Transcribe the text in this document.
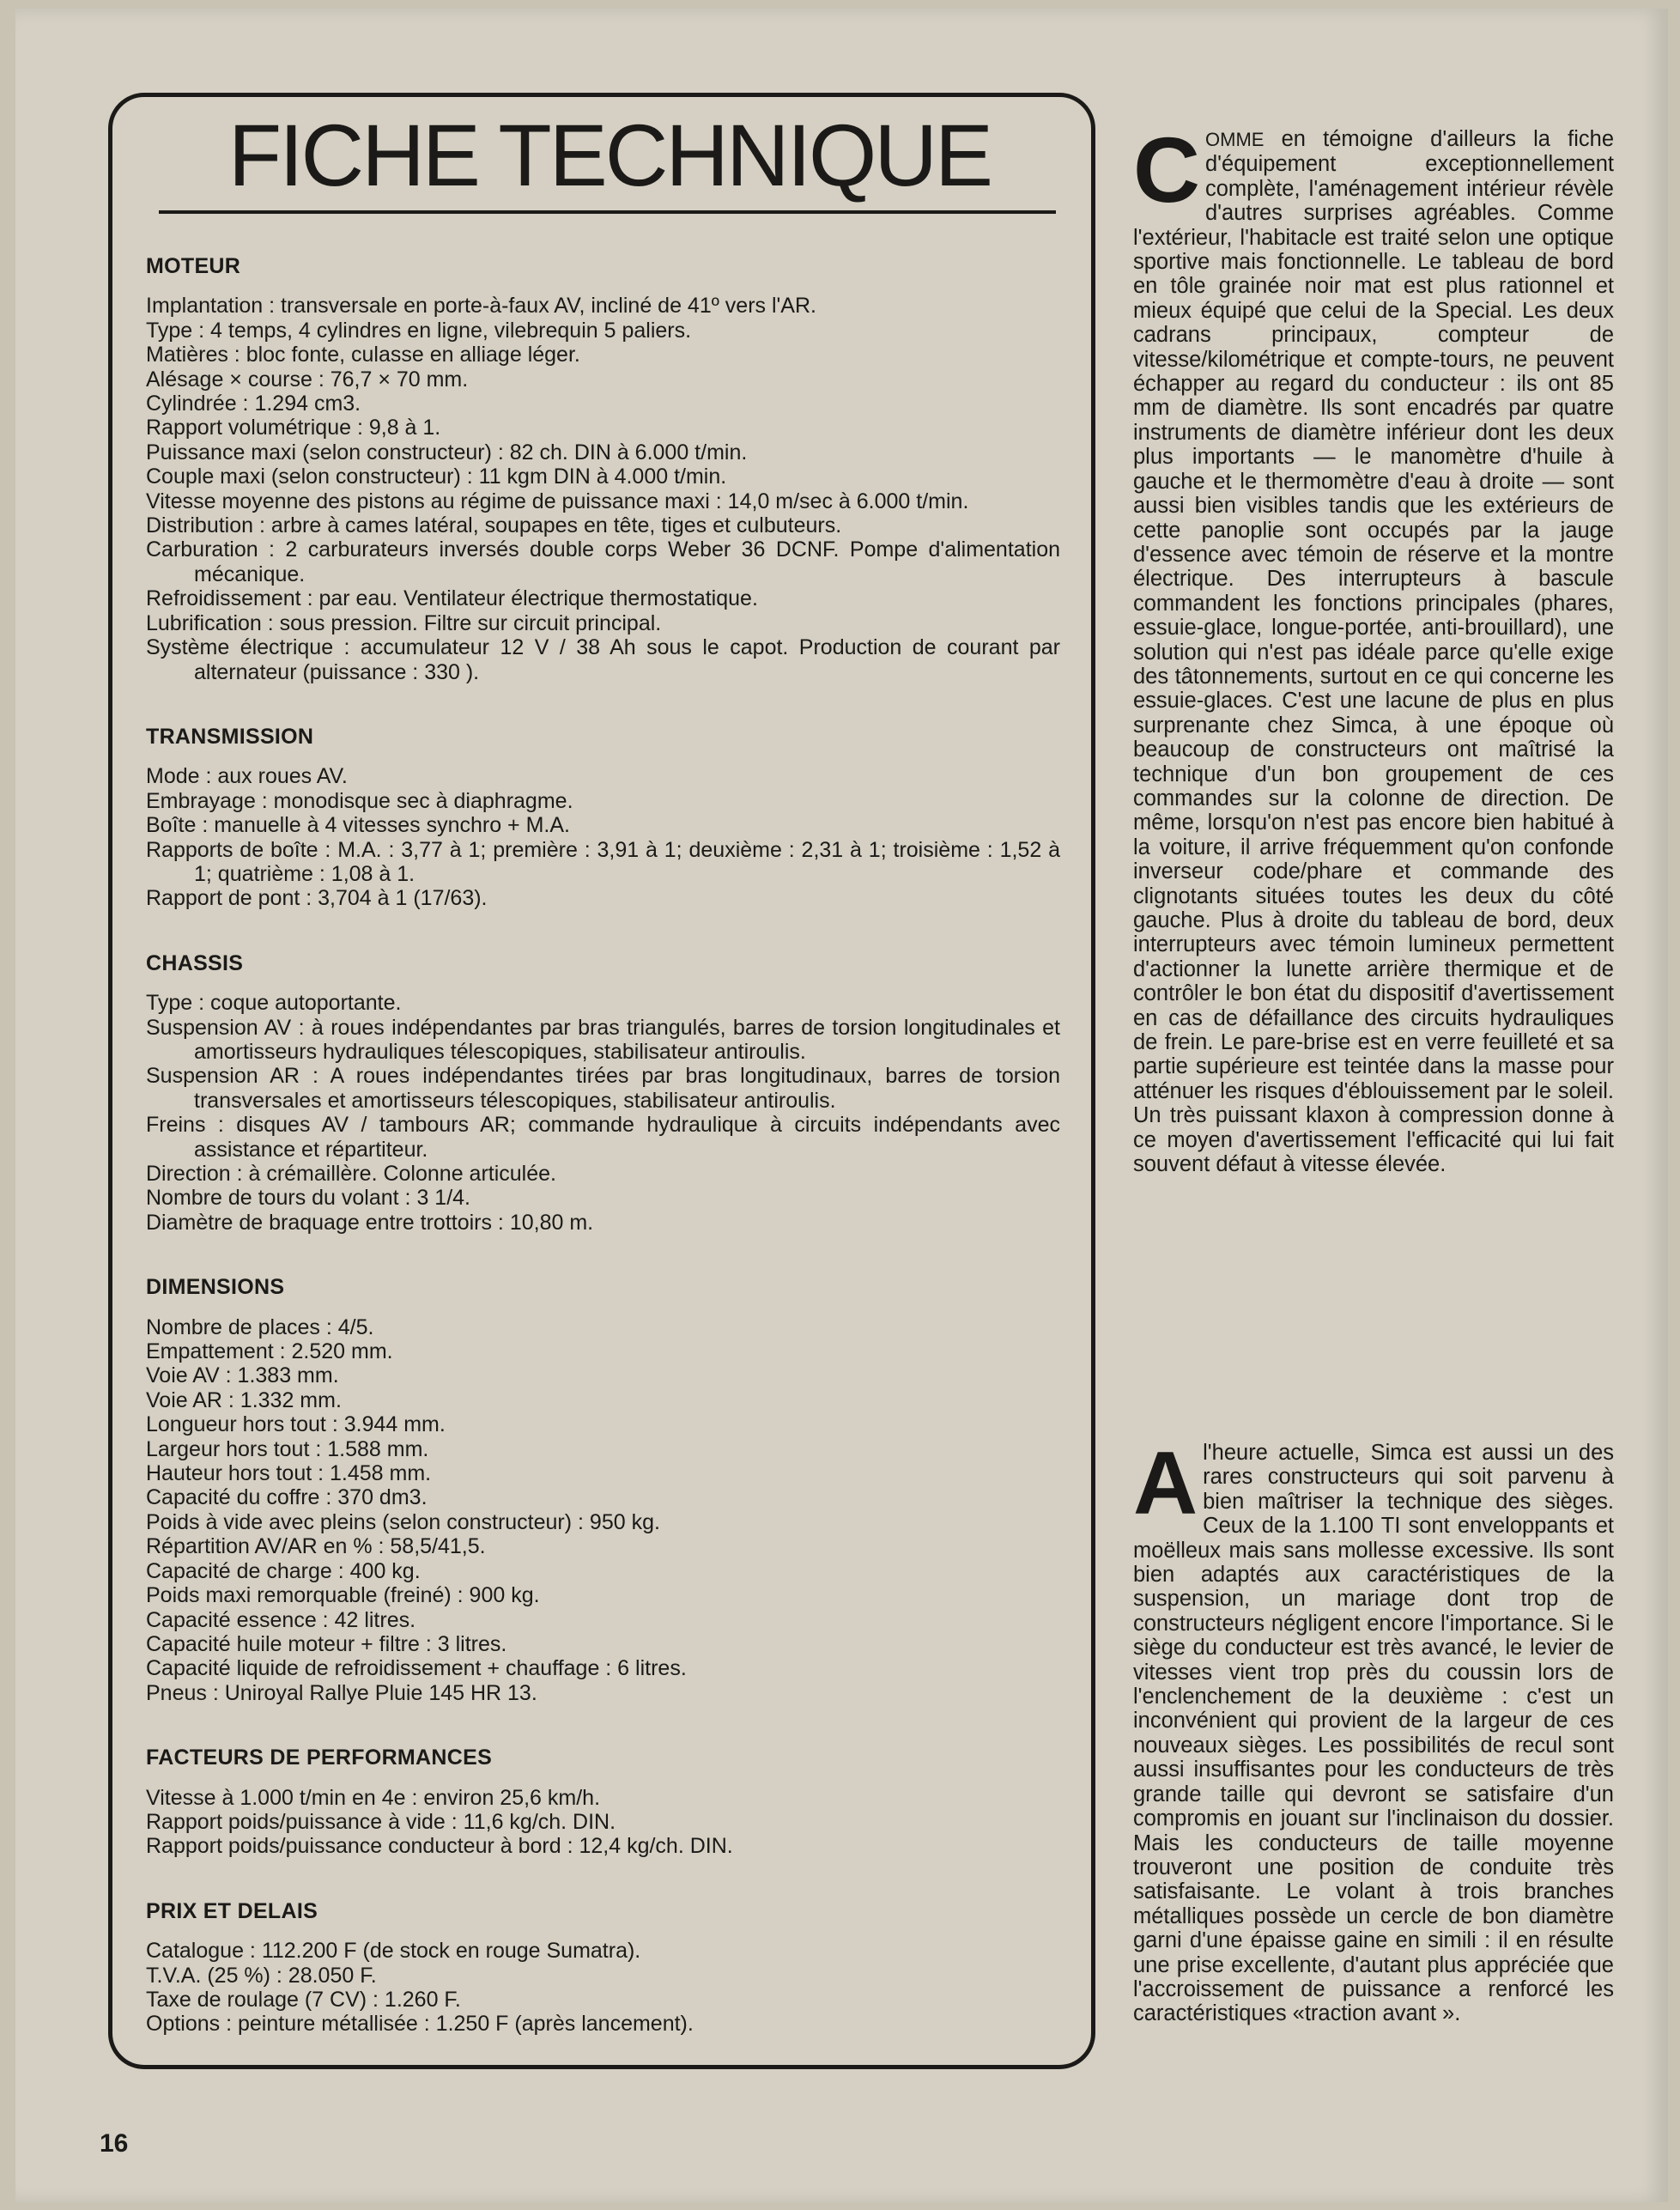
FICHE TECHNIQUE
MOTEUR

Implantation : transversale en porte-à-faux AV, incliné de 41º vers l'AR.

Type : 4 temps, 4 cylindres en ligne, vilebrequin 5 paliers.

Matières : bloc fonte, culasse en alliage léger.

Alésage × course : 76,7 × 70 mm.

Cylindrée : 1.294 cm3.

Rapport volumétrique : 9,8 à 1.

Puissance maxi (selon constructeur) : 82 ch. DIN à 6.000 t/min.

Couple maxi (selon constructeur) : 11 kgm DIN à 4.000 t/min.

Vitesse moyenne des pistons au régime de puissance maxi : 14,0 m/sec à 6.000 t/min.

Distribution : arbre à cames latéral, soupapes en tête, tiges et culbuteurs.

Carburation : 2 carburateurs inversés double corps Weber 36 DCNF. Pompe d'alimentation mécanique.

Refroidissement : par eau. Ventilateur électrique thermostatique.

Lubrification : sous pression. Filtre sur circuit principal.

Système électrique : accumulateur 12 V / 38 Ah sous le capot. Production de courant par alternateur (puissance : 330 ).

TRANSMISSION

Mode : aux roues AV.

Embrayage : monodisque sec à diaphragme.

Boîte : manuelle à 4 vitesses synchro + M.A.

Rapports de boîte : M.A. : 3,77 à 1; première : 3,91 à 1; deuxième : 2,31 à 1; troisième : 1,52 à 1; quatrième : 1,08 à 1.

Rapport de pont : 3,704 à 1 (17/63).

CHASSIS

Type : coque autoportante.

Suspension AV : à roues indépendantes par bras triangulés, barres de torsion longitudinales et amortisseurs hydrauliques télescopiques, stabilisateur antiroulis.

Suspension AR : A roues indépendantes tirées par bras longitudinaux, barres de torsion transversales et amortisseurs télescopiques, stabilisateur antiroulis.

Freins : disques AV / tambours AR; commande hydraulique à circuits indépendants avec assistance et répartiteur.

Direction : à crémaillère. Colonne articulée.

Nombre de tours du volant : 3 1/4.

Diamètre de braquage entre trottoirs : 10,80 m.

DIMENSIONS

Nombre de places : 4/5.

Empattement : 2.520 mm.

Voie AV : 1.383 mm.

Voie AR : 1.332 mm.

Longueur hors tout : 3.944 mm.

Largeur hors tout : 1.588 mm.

Hauteur hors tout : 1.458 mm.

Capacité du coffre : 370 dm3.

Poids à vide avec pleins (selon constructeur) : 950 kg.

Répartition AV/AR en % : 58,5/41,5.

Capacité de charge : 400 kg.

Poids maxi remorquable (freiné) : 900 kg.

Capacité essence : 42 litres.

Capacité huile moteur + filtre : 3 litres.

Capacité liquide de refroidissement + chauffage : 6 litres.

Pneus : Uniroyal Rallye Pluie 145 HR 13.

FACTEURS DE PERFORMANCES

Vitesse à 1.000 t/min en 4e : environ 25,6 km/h.

Rapport poids/puissance à vide : 11,6 kg/ch. DIN.

Rapport poids/puissance conducteur à bord : 12,4 kg/ch. DIN.

PRIX ET DELAIS

Catalogue : 112.200 F (de stock en rouge Sumatra).

T.V.A. (25 %) : 28.050 F.

Taxe de roulage (7 CV) : 1.260 F.

Options : peinture métallisée : 1.250 F (après lancement).

COMME en témoigne d'ailleurs la fiche d'équipement exceptionnellement complète, l'aménagement intérieur révèle d'autres surprises agréables. Comme l'extérieur, l'habitacle est traité selon une optique sportive mais fonctionnelle. Le tableau de bord en tôle grainée noir mat est plus rationnel et mieux équipé que celui de la Special. Les deux cadrans principaux, compteur de vitesse/kilométrique et compte-tours, ne peuvent échapper au regard du conducteur : ils ont 85 mm de diamètre. Ils sont encadrés par quatre instruments de diamètre inférieur dont les deux plus importants — le manomètre d'huile à gauche et le thermomètre d'eau à droite — sont aussi bien visibles tandis que les extérieurs de cette panoplie sont occupés par la jauge d'essence avec témoin de réserve et la montre électrique. Des interrupteurs à bascule commandent les fonctions principales (phares, essuie-glace, longue-portée, anti-brouillard), une solution qui n'est pas idéale parce qu'elle exige des tâtonnements, surtout en ce qui concerne les essuie-glaces. C'est une lacune de plus en plus surprenante chez Simca, à une époque où beaucoup de constructeurs ont maîtrisé la technique d'un bon groupement de ces commandes sur la colonne de direction. De même, lorsqu'on n'est pas encore bien habitué à la voiture, il arrive fréquemment qu'on confonde inverseur code/phare et commande des clignotants situées toutes les deux du côté gauche. Plus à droite du tableau de bord, deux interrupteurs avec témoin lumineux permettent d'actionner la lunette arrière thermique et de contrôler le bon état du dispositif d'avertissement en cas de défaillance des circuits hydrauliques de frein. Le pare-brise est en verre feuilleté et sa partie supérieure est teintée dans la masse pour atténuer les risques d'éblouissement par le soleil. Un très puissant klaxon à compression donne à ce moyen d'avertissement l'efficacité qui lui fait souvent défaut à vitesse élevée.

A l'heure actuelle, Simca est aussi un des rares constructeurs qui soit parvenu à bien maîtriser la technique des sièges. Ceux de la 1.100 TI sont enveloppants et moëlleux mais sans mollesse excessive. Ils sont bien adaptés aux caractéristiques de la suspension, un mariage dont trop de constructeurs négligent encore l'importance. Si le siège du conducteur est très avancé, le levier de vitesses vient trop près du coussin lors de l'enclenchement de la deuxième : c'est un inconvénient qui provient de la largeur de ces nouveaux sièges. Les possibilités de recul sont aussi insuffisantes pour les conducteurs de très grande taille qui devront se satisfaire d'un compromis en jouant sur l'inclinaison du dossier. Mais les conducteurs de taille moyenne trouveront une position de conduite très satisfaisante. Le volant à trois branches métalliques possède un cercle de bon diamètre garni d'une épaisse gaine en simili : il en résulte une prise excellente, d'autant plus appréciée que l'accroissement de puissance a renforcé les caractéristiques «traction avant ».

16
